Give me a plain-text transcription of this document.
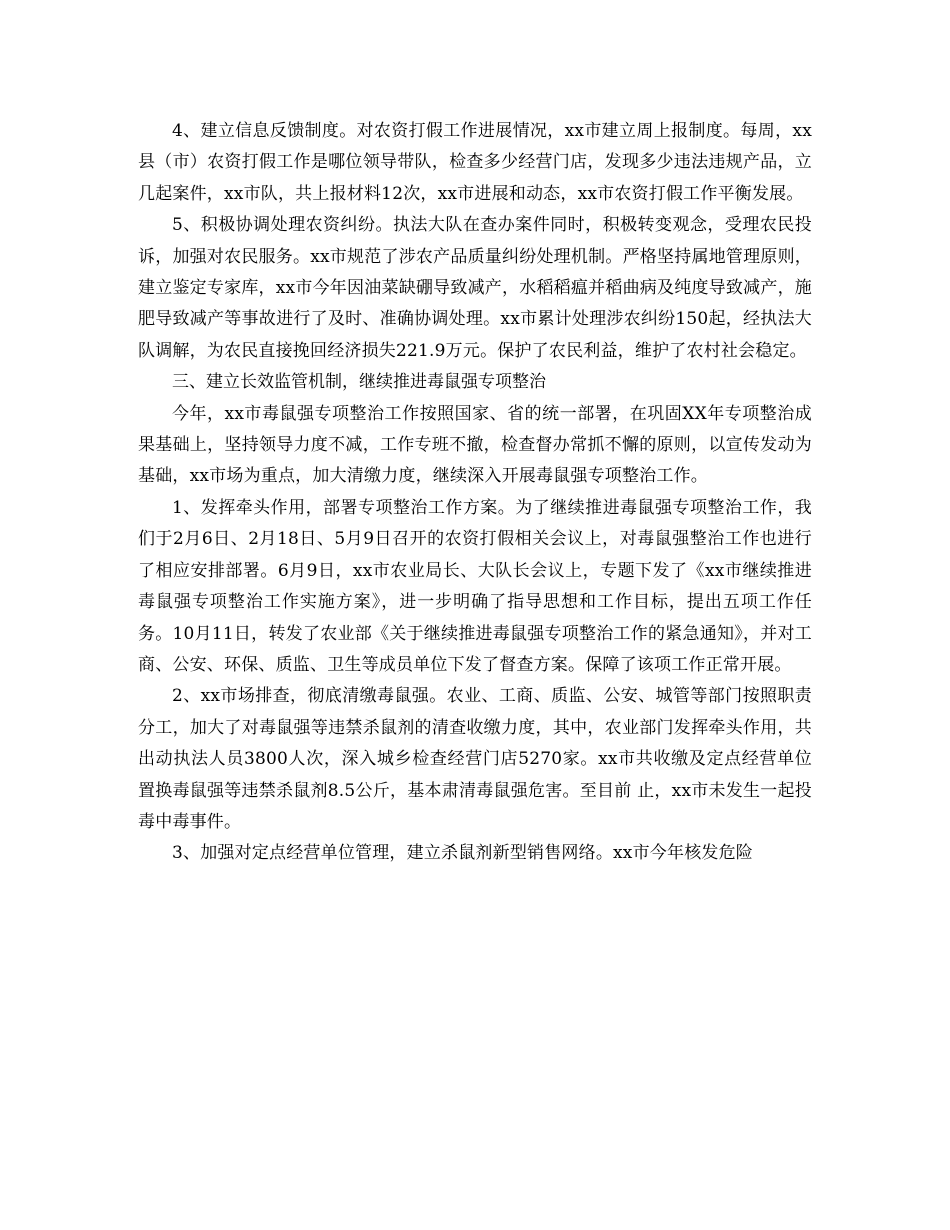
4、建立信息反馈制度。对农资打假工作进展情况，xx市建立周上报制度。每周，xx县（市）农资打假工作是哪位领导带队，检查多少经营门店，发现多少违法违规产品，立几起案件，xx市队，共上报材料12次，xx市进展和动态，xx市农资打假工作平衡发展。

5、积极协调处理农资纠纷。执法大队在查办案件同时，积极转变观念，受理农民投诉，加强对农民服务。xx市规范了涉农产品质量纠纷处理机制。严格坚持属地管理原则，建立鉴定专家库，xx市今年因油菜缺硼导致减产，水稻稻瘟并稻曲病及纯度导致减产，施肥导致减产等事故进行了及时、准确协调处理。xx市累计处理涉农纠纷150起，经执法大队调解，为农民直接挽回经济损失221.9万元。保护了农民利益，维护了农村社会稳定。

三、建立长效监管机制，继续推进毒鼠强专项整治

今年，xx市毒鼠强专项整治工作按照国家、省的统一部署，在巩固XX年专项整治成果基础上，坚持领导力度不减，工作专班不撤，检查督办常抓不懈的原则，以宣传发动为基础，xx市场为重点，加大清缴力度，继续深入开展毒鼠强专项整治工作。

1、发挥牵头作用，部署专项整治工作方案。为了继续推进毒鼠强专项整治工作，我们于2月6日、2月18日、5月9日召开的农资打假相关会议上，对毒鼠强整治工作也进行了相应安排部署。6月9日，xx市农业局长、大队长会议上，专题下发了《xx市继续推进毒鼠强专项整治工作实施方案》，进一步明确了指导思想和工作目标，提出五项工作任务。10月11日，转发了农业部《关于继续推进毒鼠强专项整治工作的紧急通知》，并对工商、公安、环保、质监、卫生等成员单位下发了督查方案。保障了该项工作正常开展。

2、xx市场排查，彻底清缴毒鼠强。农业、工商、质监、公安、城管等部门按照职责分工，加大了对毒鼠强等违禁杀鼠剂的清查收缴力度，其中，农业部门发挥牵头作用，共出动执法人员3800人次，深入城乡检查经营门店5270家。xx市共收缴及定点经营单位置换毒鼠强等违禁杀鼠剂8.5公斤，基本肃清毒鼠强危害。至目前 止，xx市未发生一起投毒中毒事件。

3、加强对定点经营单位管理，建立杀鼠剂新型销售网络。xx市今年核发危险
